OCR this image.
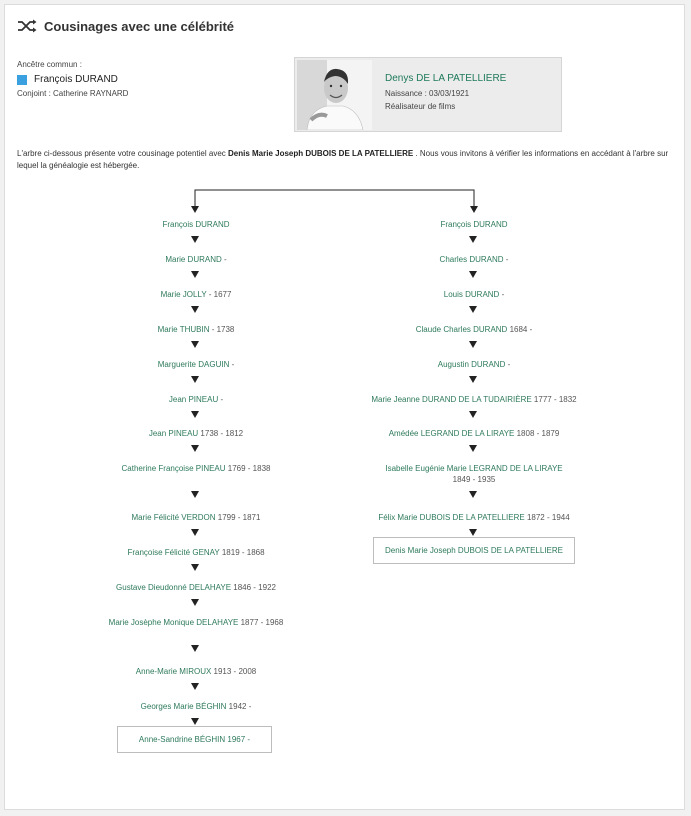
Cousinages avec une célébrité
Ancêtre commun :
François DURAND
Conjoint : Catherine RAYNARD
Denys DE LA PATELLIERE
Naissance : 03/03/1921
Réalisateur de films
L'arbre ci-dessous présente votre cousinage potentiel avec Denis Marie Joseph DUBOIS DE LA PATELLIERE . Nous vous invitons à vérifier les informations en accédant à l'arbre sur lequel la généalogie est hébergée.
François DURAND
Marie DURAND -
Marie JOLLY - 1677
Marie THUBIN - 1738
Marguerite DAGUIN -
Jean PINEAU -
Jean PINEAU 1738 - 1812
Catherine Françoise PINEAU 1769 - 1838
Marie Félicité VERDON 1799 - 1871
Françoise Félicité GENAY 1819 - 1868
Gustave Dieudonné DELAHAYE 1846 - 1922
Marie Josèphe Monique DELAHAYE 1877 - 1968
Anne-Marie MIROUX 1913 - 2008
Georges Marie BÉGHIN 1942 -
Anne-Sandrine BÉGHIN 1967 -
François DURAND
Charles DURAND -
Louis DURAND -
Claude Charles DURAND 1684 -
Augustin DURAND -
Marie Jeanne DURAND DE LA TUDAIRIÈRE 1777 - 1832
Amédée LEGRAND DE LA LIRAYE 1808 - 1879
Isabelle Eugénie Marie LEGRAND DE LA LIRAYE 1849 - 1935
Félix Marie DUBOIS DE LA PATELLIERE 1872 - 1944
Denis Marie Joseph DUBOIS DE LA PATELLIERE
